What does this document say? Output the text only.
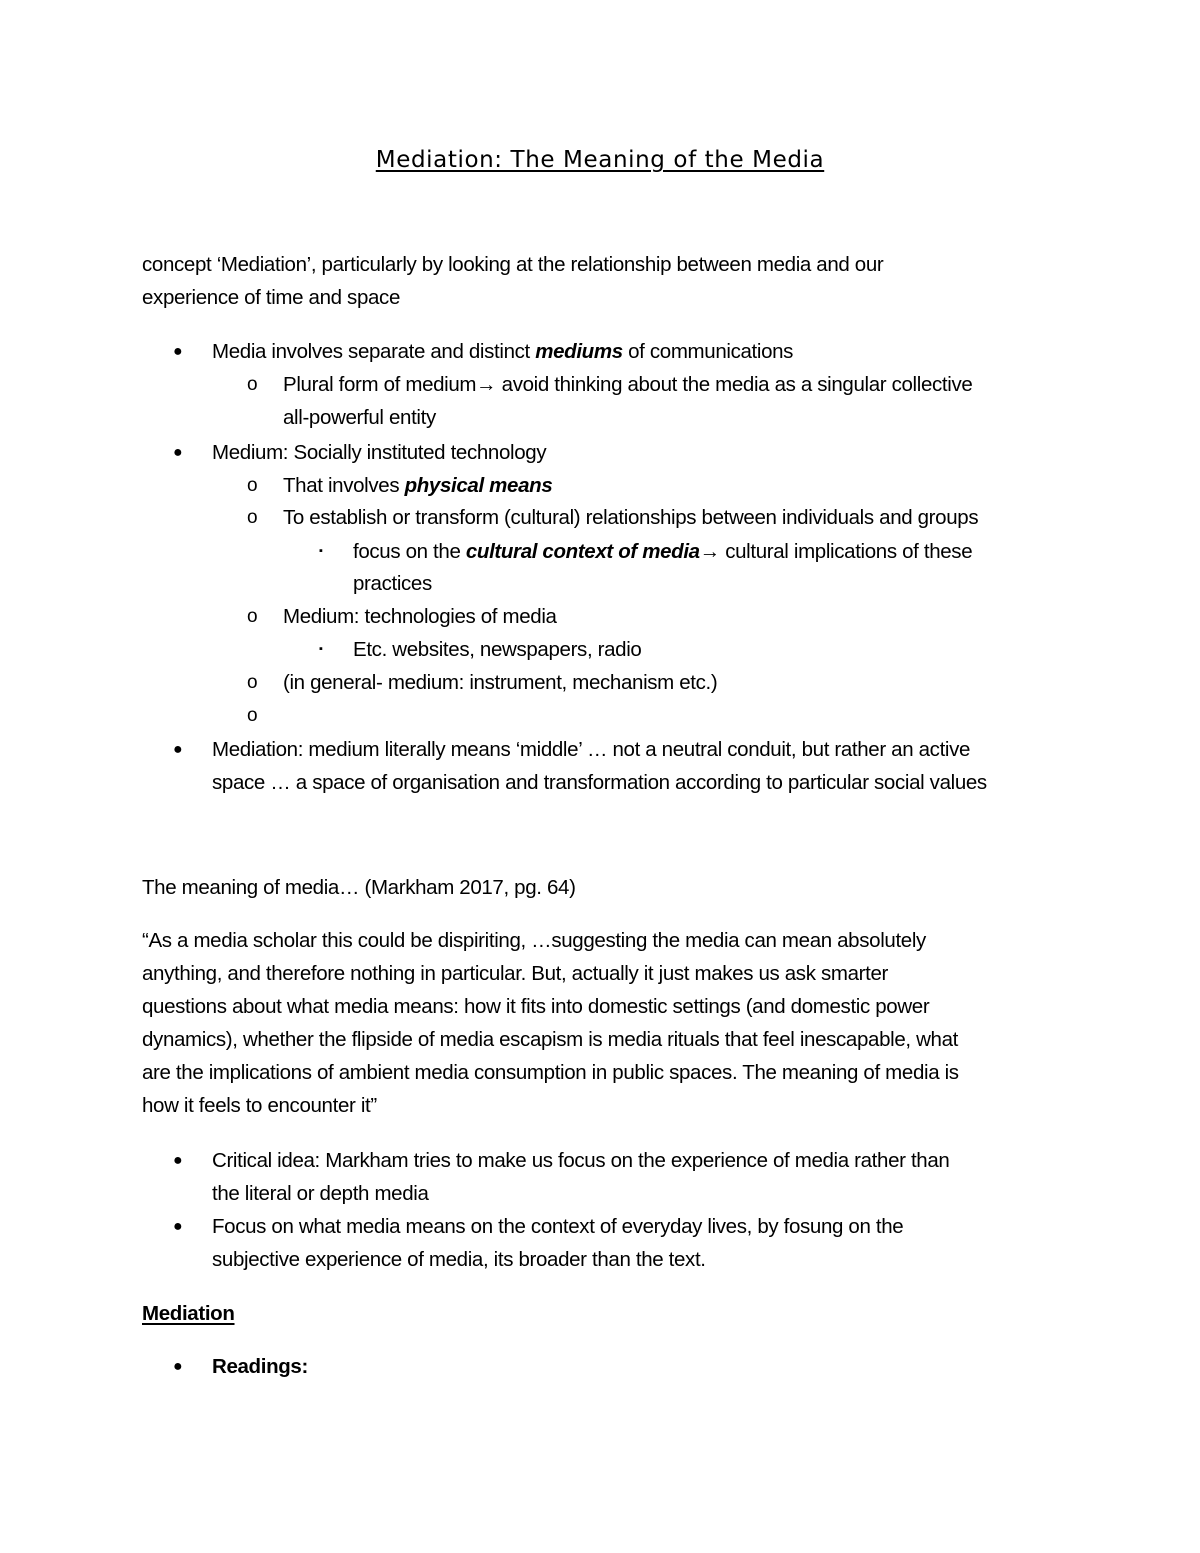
Mediation: The Meaning of the Media
concept ‘Mediation’, particularly by looking at the relationship between media and our
experience of time and space
● Media involves separate and distinct mediums of communications
o Plural form of medium→ avoid thinking about the media as a singular collective
all-powerful entity
● Medium: Socially instituted technology
o That involves physical means
o To establish or transform (cultural) relationships between individuals and groups
▪ focus on the cultural context of media→ cultural implications of these
practices
o Medium: technologies of media
▪ Etc. websites, newspapers, radio
o (in general- medium: instrument, mechanism etc.)
o
● Mediation: medium literally means ‘middle’ … not a neutral conduit, but rather an active
space … a space of organisation and transformation according to particular social values
The meaning of media… (Markham 2017, pg. 64)
“As a media scholar this could be dispiriting, …suggesting the media can mean absolutely
anything, and therefore nothing in particular. But, actually it just makes us ask smarter
questions about what media means: how it fits into domestic settings (and domestic power
dynamics), whether the flipside of media escapism is media rituals that feel inescapable, what
are the implications of ambient media consumption in public spaces. The meaning of media is
how it feels to encounter it”
● Critical idea: Markham tries to make us focus on the experience of media rather than
the literal or depth media
● Focus on what media means on the context of everyday lives, by fosung on the
subjective experience of media, its broader than the text.
Mediation
● Readings:
